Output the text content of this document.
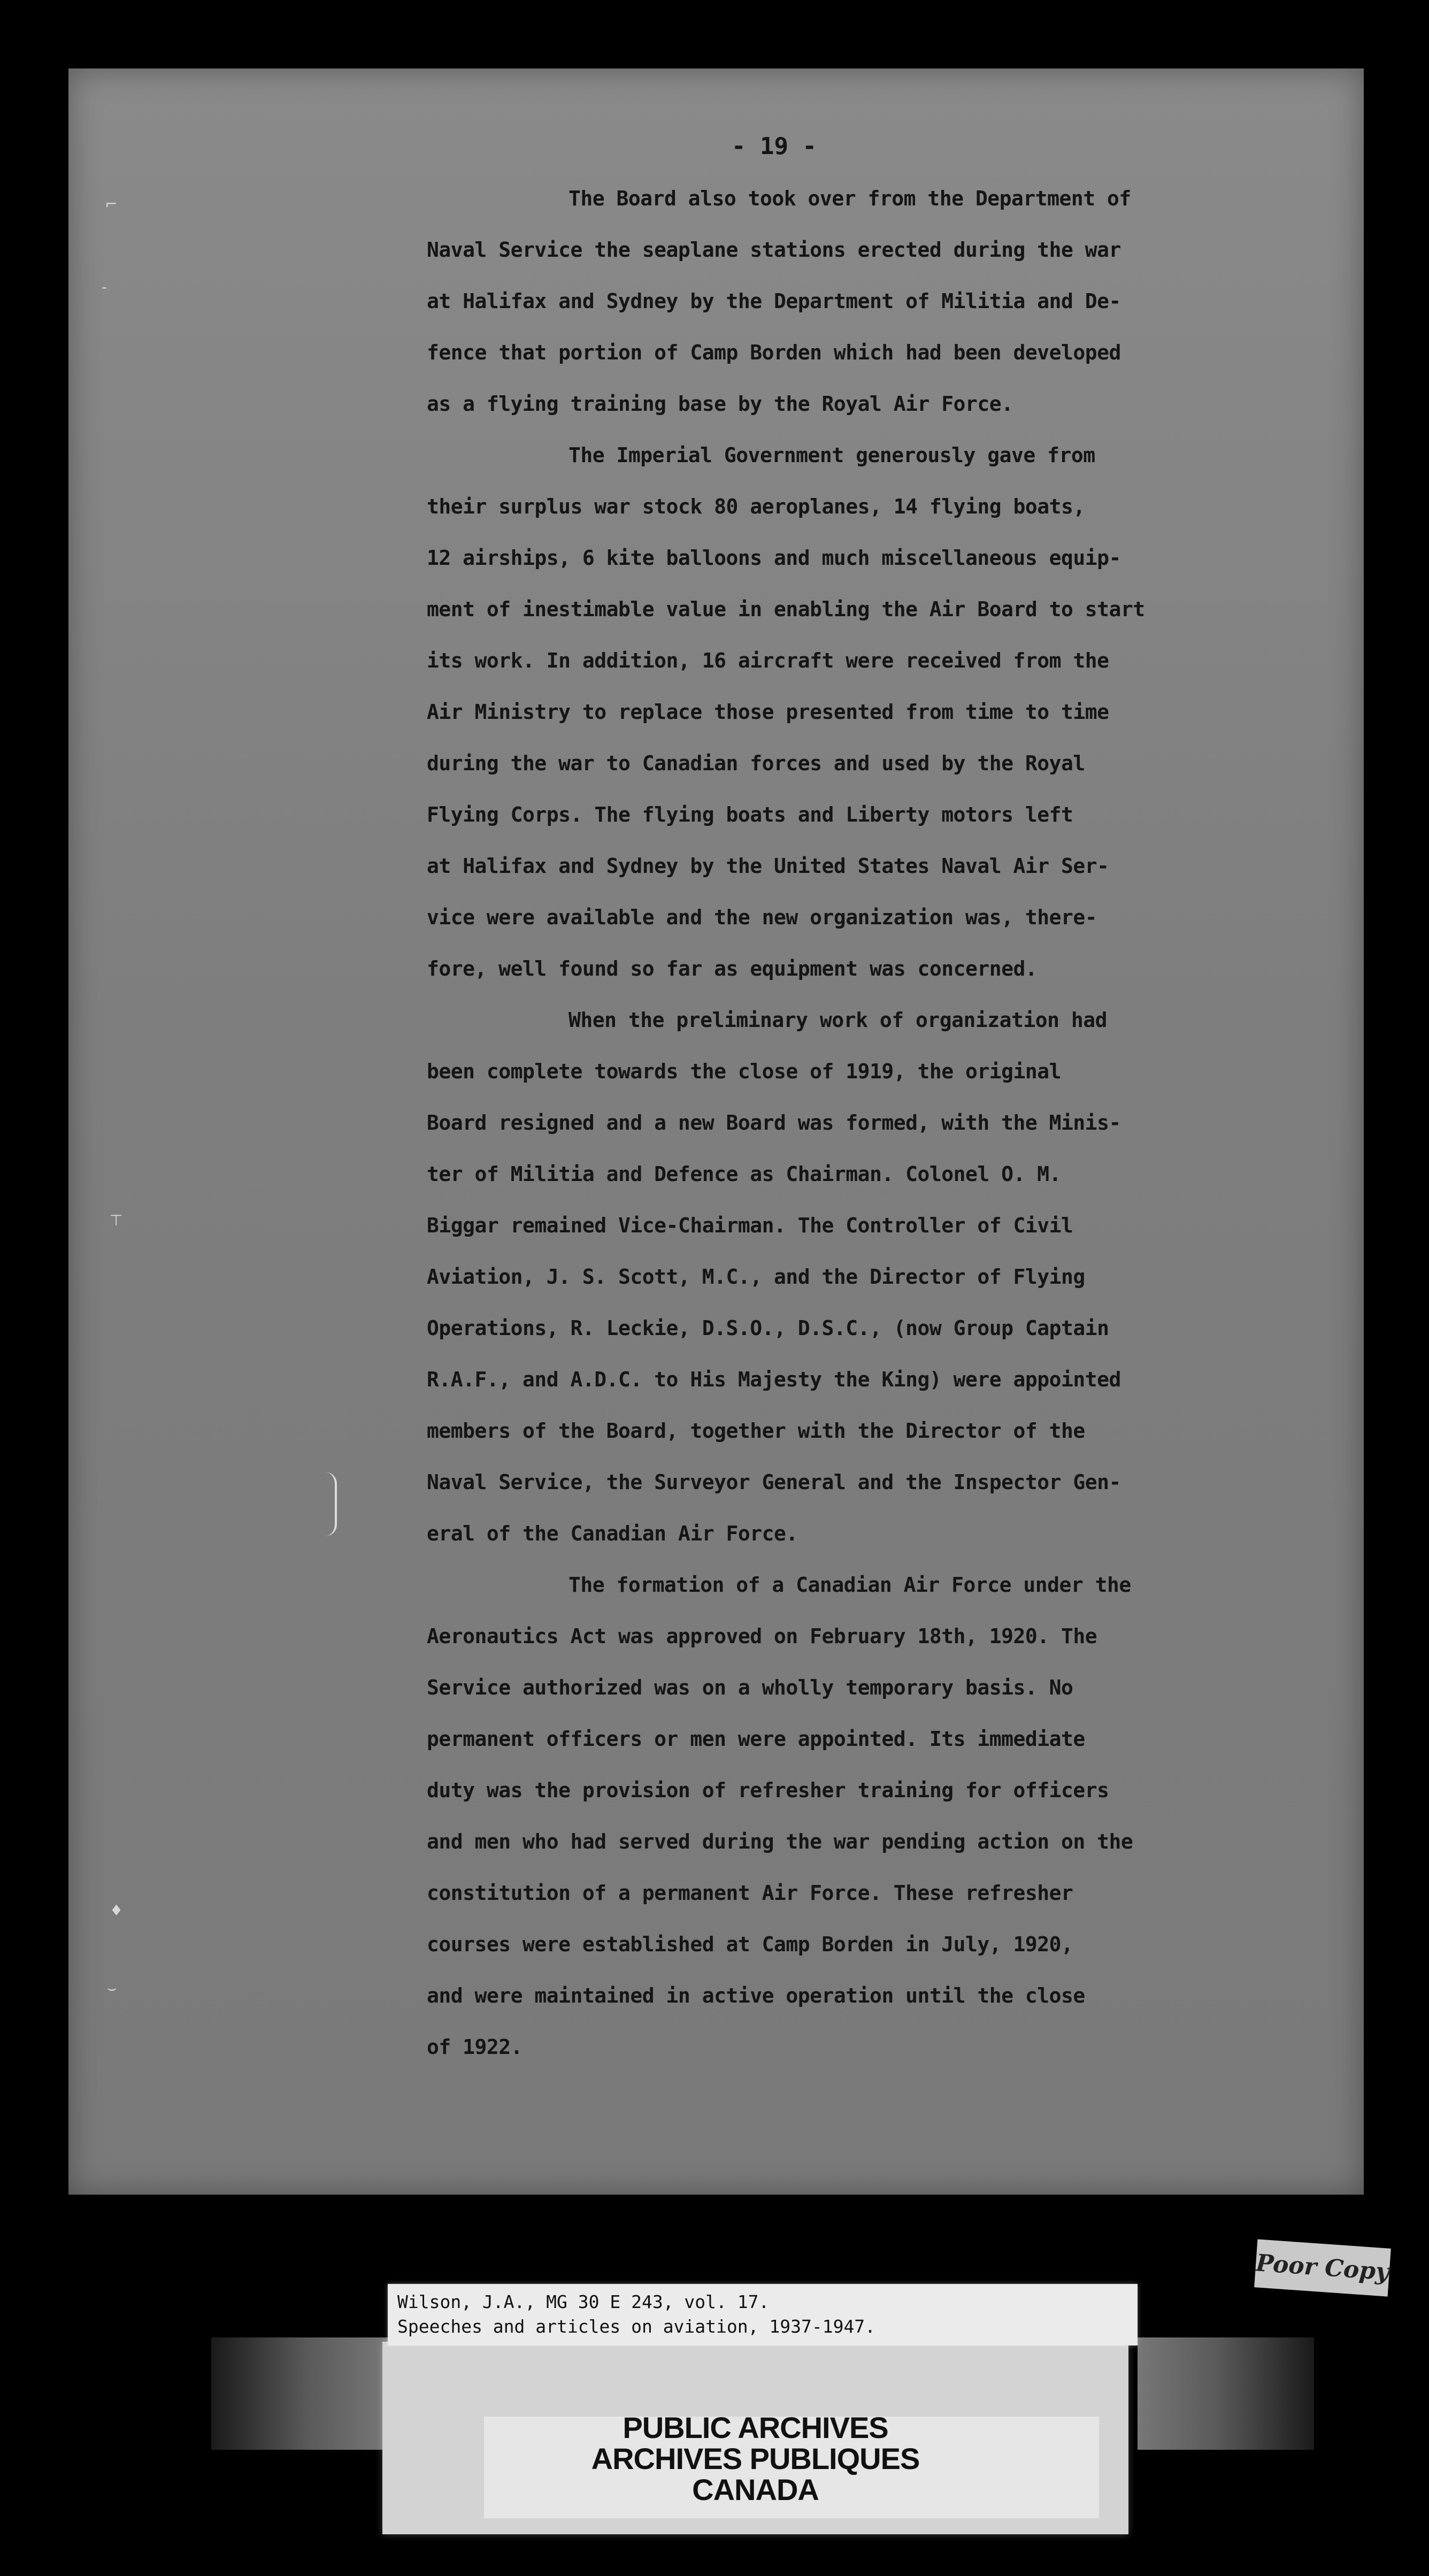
- 19 -
The Board also took over from the Department of
Naval Service the seaplane stations erected during the war
at Halifax and Sydney by the Department of Militia and De-
fence that portion of Camp Borden which had been developed
as a flying training base by the Royal Air Force.
The Imperial Government generously gave from
their surplus war stock 80 aeroplanes, 14 flying boats,
12 airships, 6 kite balloons and much miscellaneous equip-
ment of inestimable value in enabling the Air Board to start
its work. In addition, 16 aircraft were received from the
Air Ministry to replace those presented from time to time
during the war to Canadian forces and used by the Royal
Flying Corps. The flying boats and Liberty motors left
at Halifax and Sydney by the United States Naval Air Ser-
vice were available and the new organization was, there-
fore, well found so far as equipment was concerned.
When the preliminary work of organization had
been complete towards the close of 1919, the original
Board resigned and a new Board was formed, with the Minis-
ter of Militia and Defence as Chairman. Colonel O. M.
Biggar remained Vice-Chairman. The Controller of Civil
Aviation, J. S. Scott, M.C., and the Director of Flying
Operations, R. Leckie, D.S.O., D.S.C., (now Group Captain
R.A.F., and A.D.C. to His Majesty the King) were appointed
members of the Board, together with the Director of the
Naval Service, the Surveyor General and the Inspector Gen-
eral of the Canadian Air Force.
The formation of a Canadian Air Force under the
Aeronautics Act was approved on February 18th, 1920. The
Service authorized was on a wholly temporary basis. No
permanent officers or men were appointed. Its immediate
duty was the provision of refresher training for officers
and men who had served during the war pending action on the
constitution of a permanent Air Force. These refresher
courses were established at Camp Borden in July, 1920,
and were maintained in active operation until the close
of 1922.
⌐
-
⊤
♦
⌣
PUBLIC ARCHIVES
ARCHIVES PUBLIQUES
CANADA
Wilson, J.A., MG 30 E 243, vol. 17.
Speeches and articles on aviation, 1937-1947.
Poor Copy
